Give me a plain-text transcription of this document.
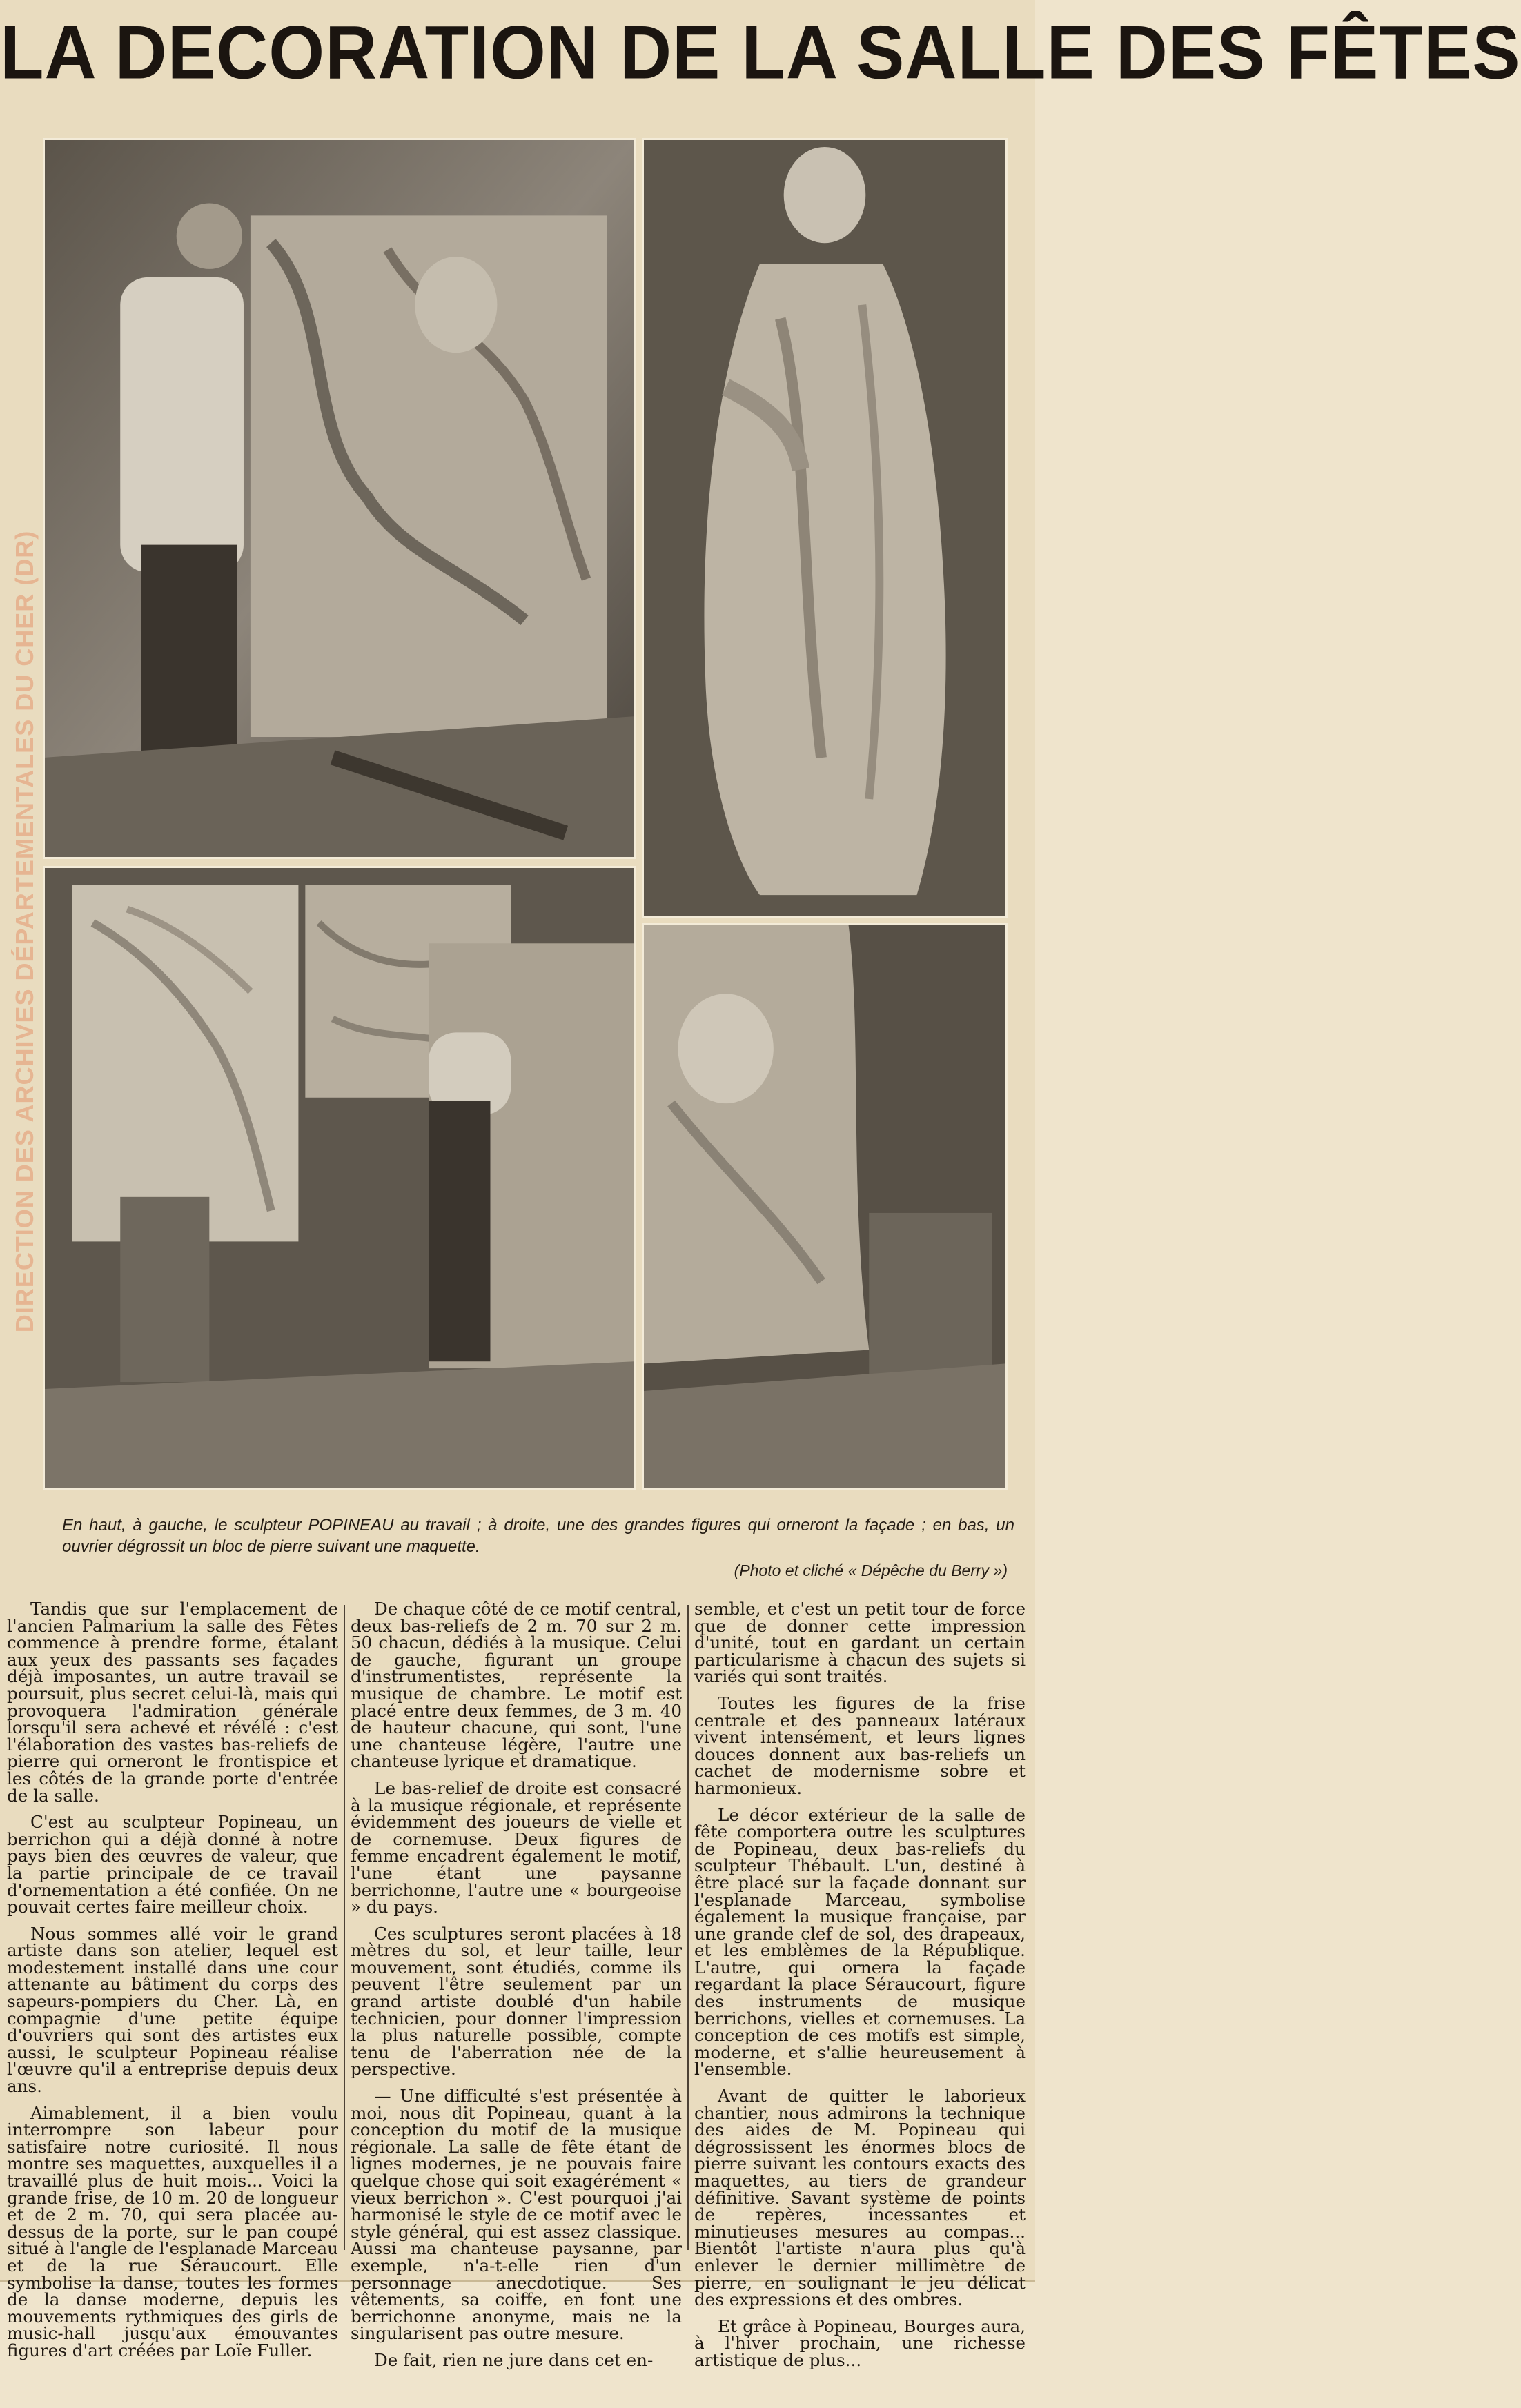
LA DECORATION DE LA SALLE DES FÊTES
DIRECTION DES ARCHIVES DÉPARTEMENTALES DU CHER (DR)
En haut, à gauche, le sculpteur POPINEAU au travail ; à droite, une des grandes figures qui orneront la façade ; en bas, un ouvrier dégrossit un bloc de pierre suivant une maquette.
(Photo et cliché « Dépêche du Berry »)

Tandis que sur l'emplacement de l'ancien Palmarium la salle des Fêtes commence à prendre forme, étalant aux yeux des passants ses façades déjà imposantes, un autre travail se poursuit, plus secret celui-là, mais qui provoquera l'admiration générale lorsqu'il sera achevé et révélé : c'est l'élaboration des vastes bas-reliefs de pierre qui orneront le frontispice et les côtés de la grande porte d'entrée de la salle.

C'est au sculpteur Popineau, un berrichon qui a déjà donné à notre pays bien des œuvres de valeur, que la partie principale de ce travail d'ornementation a été confiée. On ne pouvait certes faire meilleur choix.

Nous sommes allé voir le grand artiste dans son atelier, lequel est modestement installé dans une cour attenante au bâtiment du corps des sapeurs-pompiers du Cher. Là, en compagnie d'une petite équipe d'ouvriers qui sont des artistes eux aussi, le sculpteur Popineau réalise l'œuvre qu'il a entreprise depuis deux ans.

Aimablement, il a bien voulu interrompre son labeur pour satisfaire notre curiosité. Il nous montre ses maquettes, auxquelles il a travaillé plus de huit mois... Voici la grande frise, de 10 m. 20 de longueur et de 2 m. 70, qui sera placée au-dessus de la porte, sur le pan coupé situé à l'angle de l'esplanade Marceau et de la rue Séraucourt. Elle symbolise la danse, toutes les formes de la danse moderne, depuis les mouvements rythmiques des girls de music-hall jusqu'aux émouvantes figures d'art créées par Loïe Fuller.

De chaque côté de ce motif central, deux bas-reliefs de 2 m. 70 sur 2 m. 50 chacun, dédiés à la musique. Celui de gauche, figurant un groupe d'instrumentistes, représente la musique de chambre. Le motif est placé entre deux femmes, de 3 m. 40 de hauteur chacune, qui sont, l'une une chanteuse légère, l'autre une chanteuse lyrique et dramatique.

Le bas-relief de droite est consacré à la musique régionale, et représente évidemment des joueurs de vielle et de cornemuse. Deux figures de femme encadrent également le motif, l'une étant une paysanne berrichonne, l'autre une « bourgeoise » du pays.

Ces sculptures seront placées à 18 mètres du sol, et leur taille, leur mouvement, sont étudiés, comme ils peuvent l'être seulement par un grand artiste doublé d'un habile technicien, pour donner l'impression la plus naturelle possible, compte tenu de l'aberration née de la perspective.

— Une difficulté s'est présentée à moi, nous dit Popineau, quant à la conception du motif de la musique régionale. La salle de fête étant de lignes modernes, je ne pouvais faire quelque chose qui soit exagérément « vieux berrichon ». C'est pourquoi j'ai harmonisé le style de ce motif avec le style général, qui est assez classique. Aussi ma chanteuse paysanne, par exemple, n'a-t-elle rien d'un personnage anecdotique. Ses vêtements, sa coiffe, en font une berrichonne anonyme, mais ne la singularisent pas outre mesure.

De fait, rien ne jure dans cet en-

semble, et c'est un petit tour de force que de donner cette impression d'unité, tout en gardant un certain particularisme à chacun des sujets si variés qui sont traités.

Toutes les figures de la frise centrale et des panneaux latéraux vivent intensément, et leurs lignes douces donnent aux bas-reliefs un cachet de modernisme sobre et harmonieux.

Le décor extérieur de la salle de fête comportera outre les sculptures de Popineau, deux bas-reliefs du sculpteur Thébault. L'un, destiné à être placé sur la façade donnant sur l'esplanade Marceau, symbolise également la musique française, par une grande clef de sol, des drapeaux, et les emblèmes de la République. L'autre, qui ornera la façade regardant la place Séraucourt, figure des instruments de musique berrichons, vielles et cornemuses. La conception de ces motifs est simple, moderne, et s'allie heureusement à l'ensemble.

Avant de quitter le laborieux chantier, nous admirons la technique des aides de M. Popineau qui dégrossissent les énormes blocs de pierre suivant les contours exacts des maquettes, au tiers de grandeur définitive. Savant système de points de repères, incessantes et minutieuses mesures au compas... Bientôt l'artiste n'aura plus qu'à enlever le dernier millimètre de pierre, en soulignant le jeu délicat des expressions et des ombres.

Et grâce à Popineau, Bourges aura, à l'hiver prochain, une richesse artistique de plus...
